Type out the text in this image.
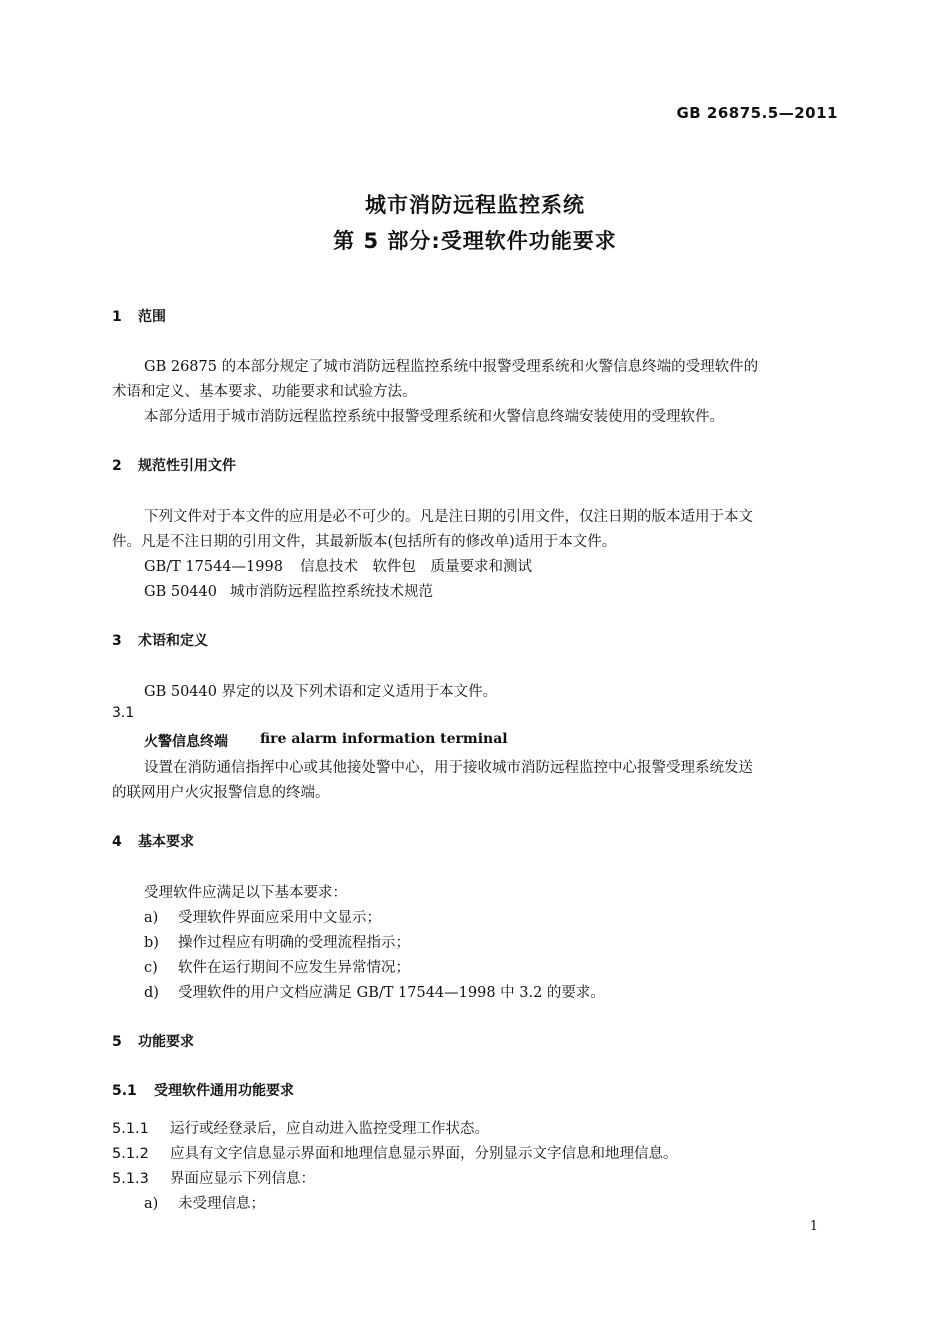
GB 26875.5—2011
城市消防远程监控系统
第 5 部分:受理软件功能要求
1 范围
GB 26875 的本部分规定了城市消防远程监控系统中报警受理系统和火警信息终端的受理软件的
术语和定义、基本要求、功能要求和试验方法。
本部分适用于城市消防远程监控系统中报警受理系统和火警信息终端安装使用的受理软件。
2 规范性引用文件
下列文件对于本文件的应用是必不可少的。凡是注日期的引用文件，仅注日期的版本适用于本文
件。凡是不注日期的引用文件，其最新版本(包括所有的修改单)适用于本文件。
GB/T 17544—1998 信息技术　软件包　质量要求和测试
GB 50440 城市消防远程监控系统技术规范
3 术语和定义
GB 50440 界定的以及下列术语和定义适用于本文件。
3.1
火警信息终端 fire alarm information terminal
设置在消防通信指挥中心或其他接处警中心，用于接收城市消防远程监控中心报警受理系统发送
的联网用户火灾报警信息的终端。
4 基本要求
受理软件应满足以下基本要求：
a) 受理软件界面应采用中文显示；
b) 操作过程应有明确的受理流程指示；
c) 软件在运行期间不应发生异常情况；
d) 受理软件的用户文档应满足 GB/T 17544—1998 中 3.2 的要求。
5 功能要求
5.1 受理软件通用功能要求
5.1.1 运行或经登录后，应自动进入监控受理工作状态。
5.1.2 应具有文字信息显示界面和地理信息显示界面，分别显示文字信息和地理信息。
5.1.3 界面应显示下列信息：
a) 未受理信息；
1
